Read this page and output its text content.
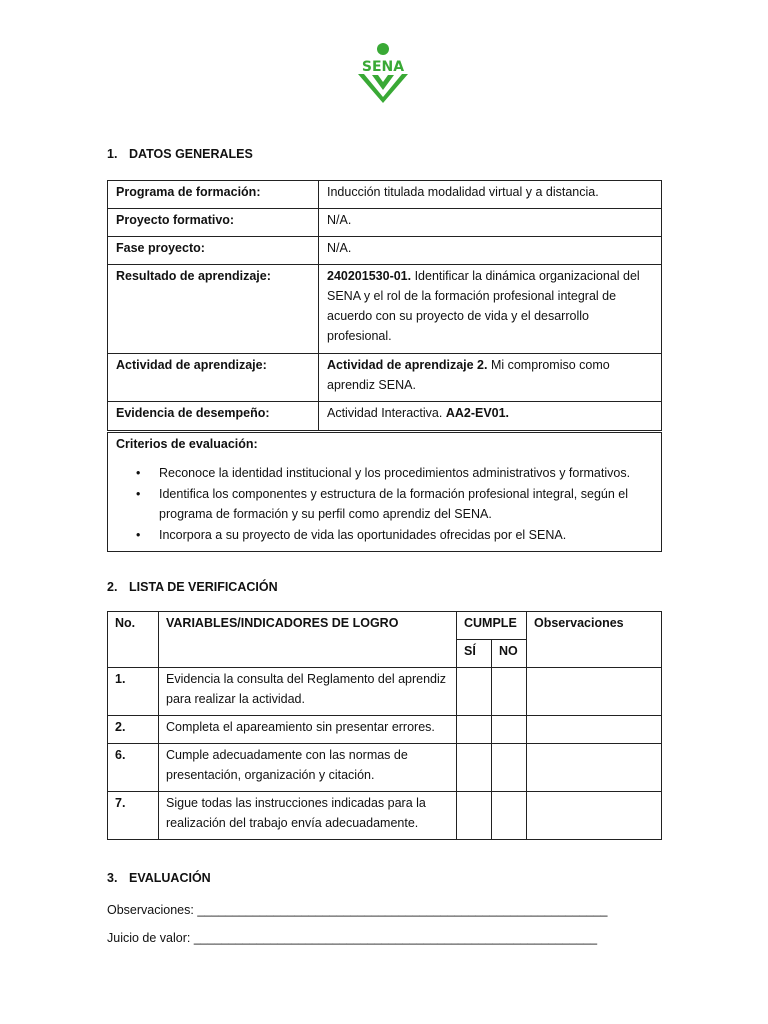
SENA
1. DATOS GENERALES
Programa de formación:	Inducción titulada modalidad virtual y a distancia.
Proyecto formativo:	N/A.
Fase proyecto:	N/A.
Resultado de aprendizaje:	240201530-01. Identificar la dinámica organizacional del SENA y el rol de la formación profesional integral de acuerdo con su proyecto de vida y el desarrollo profesional.
Actividad de aprendizaje:	Actividad de aprendizaje 2. Mi compromiso como aprendiz SENA.
Evidencia de desempeño:	Actividad Interactiva. AA2-EV01.
Criterios de evaluación:
• Reconoce la identidad institucional y los procedimientos administrativos y formativos.
• Identifica los componentes y estructura de la formación profesional integral, según el programa de formación y su perfil como aprendiz del SENA.
• Incorpora a su proyecto de vida las oportunidades ofrecidas por el SENA.
2. LISTA DE VERIFICACIÓN
No.	VARIABLES/INDICADORES DE LOGRO	CUMPLE		Observaciones
		SÍ	NO	
1.	Evidencia la consulta del Reglamento del aprendiz para realizar la actividad.			
2.	Completa el apareamiento sin presentar errores.			
6.	Cumple adecuadamente con las normas de presentación, organización y citación.			
7.	Sigue todas las instrucciones indicadas para la realización del trabajo envía adecuadamente.			
3. EVALUACIÓN
Observaciones: ___________________________________________________________
Juicio de valor: __________________________________________________________
